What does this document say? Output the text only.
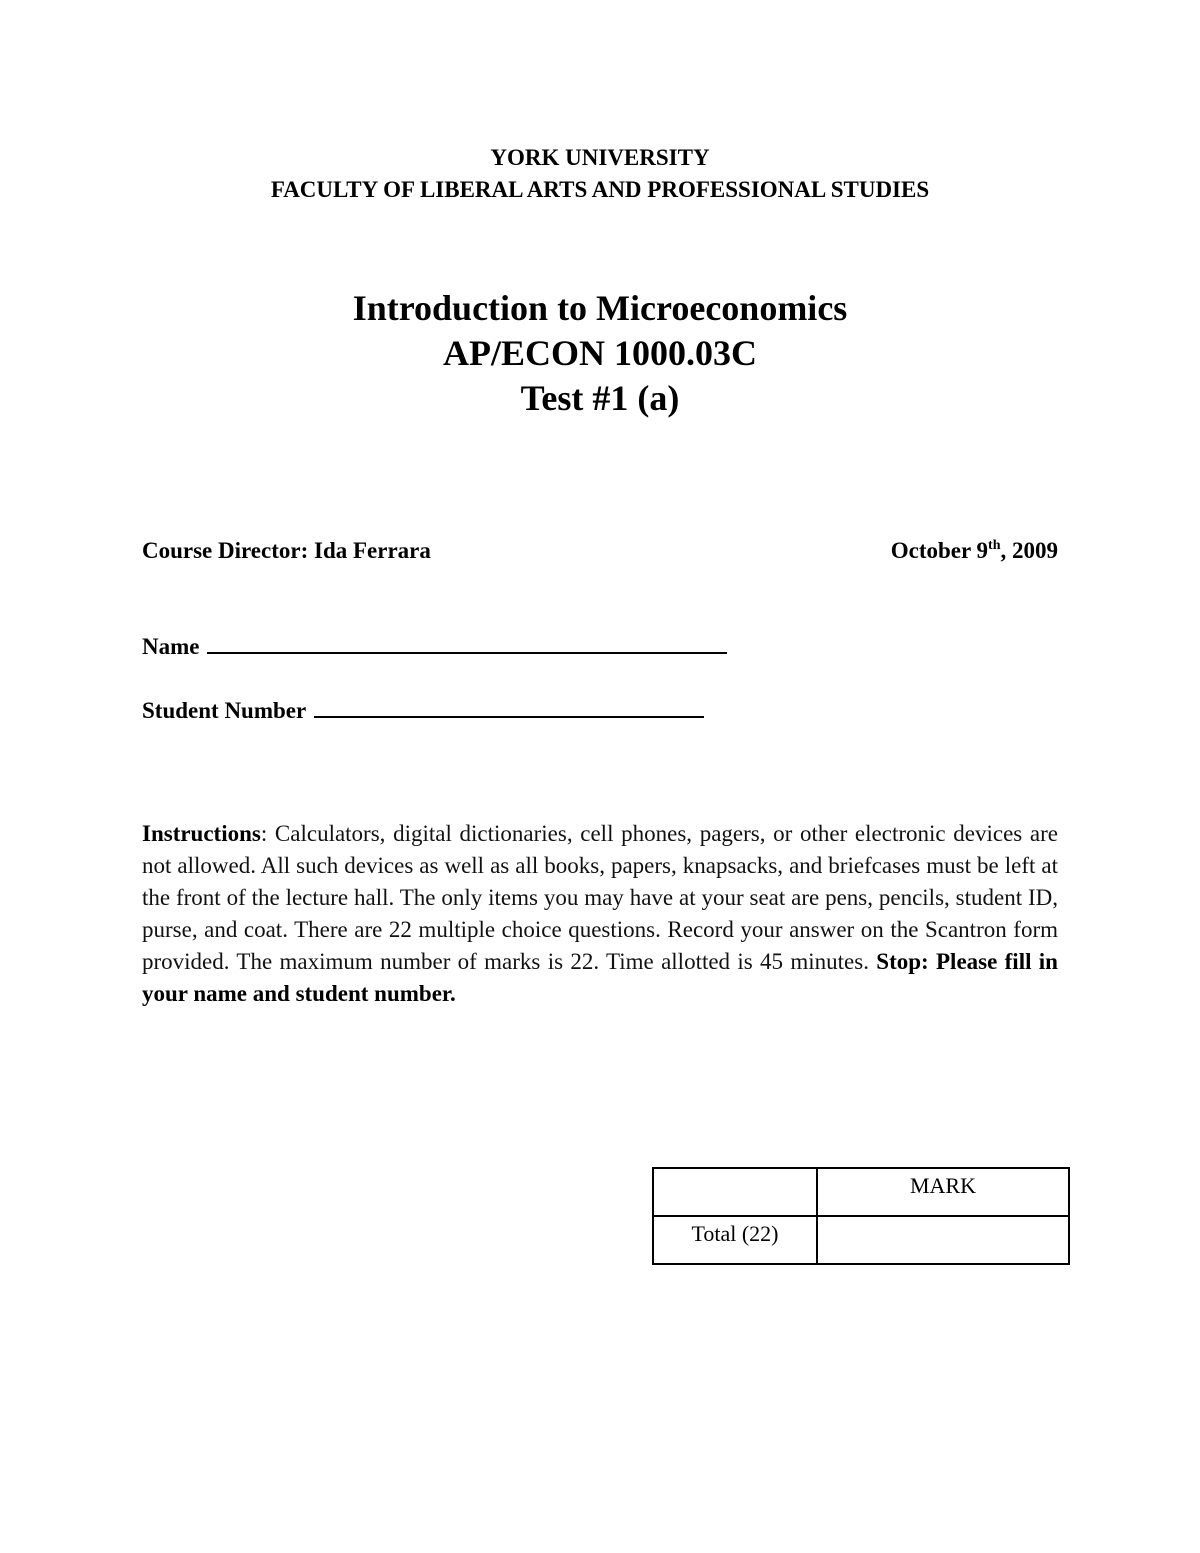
YORK UNIVERSITY
FACULTY OF LIBERAL ARTS AND PROFESSIONAL STUDIES
Introduction to Microeconomics
AP/ECON 1000.03C
Test #1 (a)
Course Director: Ida Ferrara	October 9th, 2009
Name
Student Number
Instructions: Calculators, digital dictionaries, cell phones, pagers, or other electronic devices are not allowed. All such devices as well as all books, papers, knapsacks, and briefcases must be left at the front of the lecture hall. The only items you may have at your seat are pens, pencils, student ID, purse, and coat. There are 22 multiple choice questions. Record your answer on the Scantron form provided. The maximum number of marks is 22. Time allotted is 45 minutes. Stop: Please fill in your name and student number.
	MARK
Total (22)	
